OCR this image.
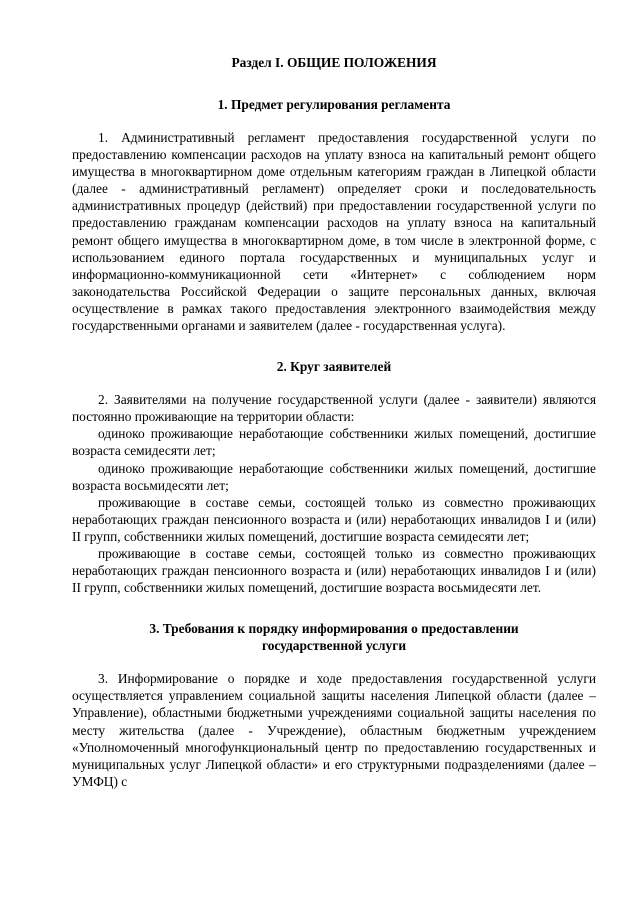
Раздел I. ОБЩИЕ ПОЛОЖЕНИЯ
1. Предмет регулирования регламента

1. Административный регламент предоставления государственной услуги по предоставлению компенсации расходов на уплату взноса на капитальный ремонт общего имущества в многоквартирном доме отдельным категориям граждан в Липецкой области (далее - административный регламент) определяет сроки и последовательность административных процедур (действий) при предоставлении государственной услуги по предоставлению гражданам компенсации расходов на уплату взноса на капитальный ремонт общего имущества в многоквартирном доме, в том числе в электронной форме, с использованием единого портала государственных и муниципальных услуг и информационно-коммуникационной сети «Интернет» с соблюдением норм законодательства Российской Федерации о защите персональных данных, включая осуществление в рамках такого предоставления электронного взаимодействия между государственными органами и заявителем (далее - государственная услуга).

2. Круг заявителей

2. Заявителями на получение государственной услуги (далее - заявители) являются постоянно проживающие на территории области:

одиноко проживающие неработающие собственники жилых помещений, достигшие возраста семидесяти лет;

одиноко проживающие неработающие собственники жилых помещений, достигшие возраста восьмидесяти лет;

проживающие в составе семьи, состоящей только из совместно проживающих неработающих граждан пенсионного возраста и (или) неработающих инвалидов I и (или) II групп, собственники жилых помещений, достигшие возраста семидесяти лет;

проживающие в составе семьи, состоящей только из совместно проживающих неработающих граждан пенсионного возраста и (или) неработающих инвалидов I и (или) II групп, собственники жилых помещений, достигшие возраста восьмидесяти лет.

3. Требования к порядку информирования о предоставлении
государственной услуги

3. Информирование о порядке и ходе предоставления государственной услуги осуществляется управлением социальной защиты населения Липецкой области (далее – Управление), областными бюджетными учреждениями социальной защиты населения по месту жительства (далее - Учреждение), областным бюджетным учреждением «Уполномоченный многофункциональный центр по предоставлению государственных и муниципальных услуг Липецкой области» и его структурными подразделениями (далее – УМФЦ) с
